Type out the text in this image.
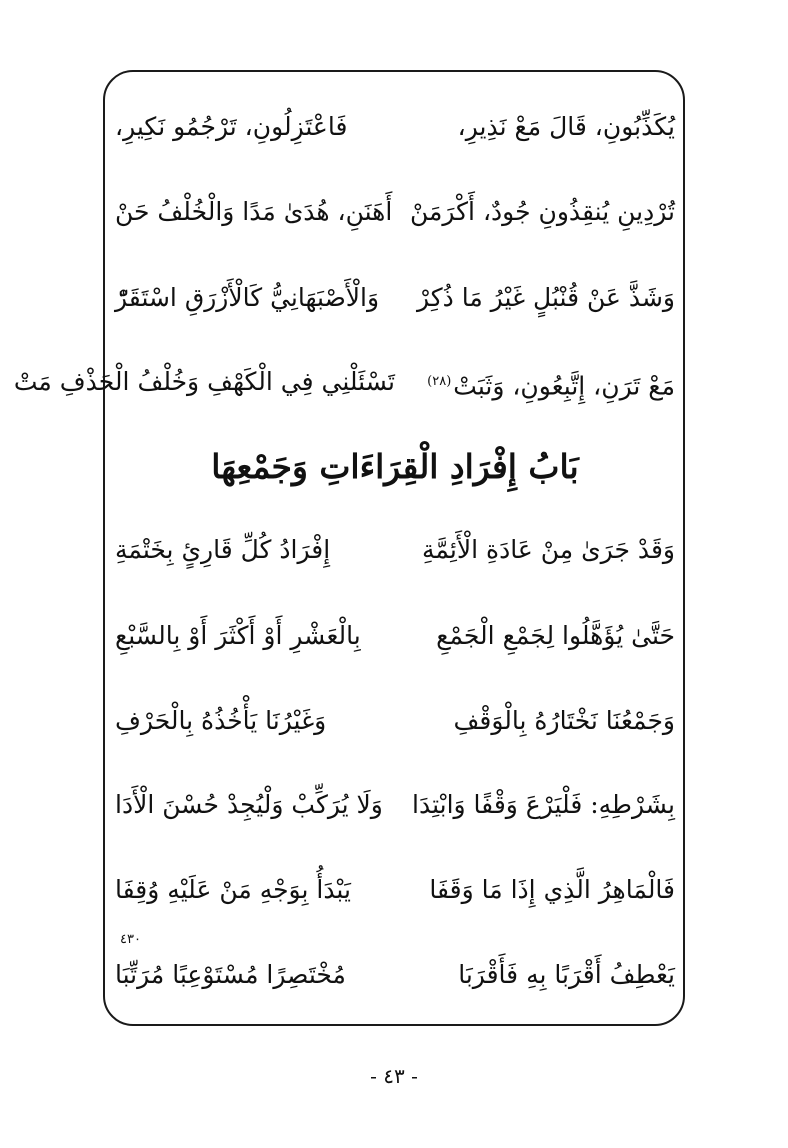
يُكَذِّبُونِ، قَالَ مَعْ نَذِيرِ،
فَاعْتَزِلُونِ، تَرْجُمُو نَكِيرِ،
تُرْدِينِ يُنقِذُونِ جُودٌ، أَكْرَمَنْ
أَهَنَنِ، هُدَىٰ مَدًا وَالْخُلْفُ حَنْ
وَشَذَّ عَنْ قُنْبُلٍ غَيْرُ مَا ذُكِرْ
وَالْأَصْبَهَانِيُّ كَالْأَزْرَقِ اسْتَقَرّْ
مَعْ تَرَنِ، إِتَّبِعُونِ، وَثَبَتْ$^{(٢٨)}$
تَسْئَلْنِي فِي الْكَهْفِ وَخُلْفُ الْحَذْفِ مَتْ
بَابُ إِفْرَادِ الْقِرَاءَاتِ وَجَمْعِهَا
وَقَدْ جَرَىٰ مِنْ عَادَةِ الْأَئِمَّةِ
إِفْرَادُ كُلِّ قَارِئٍ بِخَتْمَةِ
حَتَّىٰ يُؤَهَّلُوا لِجَمْعِ الْجَمْعِ
بِالْعَشْرِ أَوْ أَكْثَرَ أَوْ بِالسَّبْعِ
وَجَمْعُنَا نَخْتَارُهُ بِالْوَقْفِ
وَغَيْرُنَا يَأْخُذُهُ بِالْحَرْفِ
بِشَرْطِهِ: فَلْيَرْعَ وَقْفًا وَابْتِدَا
وَلَا يُرَكِّبْ وَلْيُجِدْ حُسْنَ الْأَدَا
فَالْمَاهِرُ الَّذِي إِذَا مَا وَقَفَا
يَبْدَأُ بِوَجْهِ مَنْ عَلَيْهِ وُقِفَا
٤٣٠
يَعْطِفُ أَقْرَبًا بِهِ فَأَقْرَبَا
مُخْتَصِرًا مُسْتَوْعِبًا مُرَتِّبَا
- ٤٣ -
